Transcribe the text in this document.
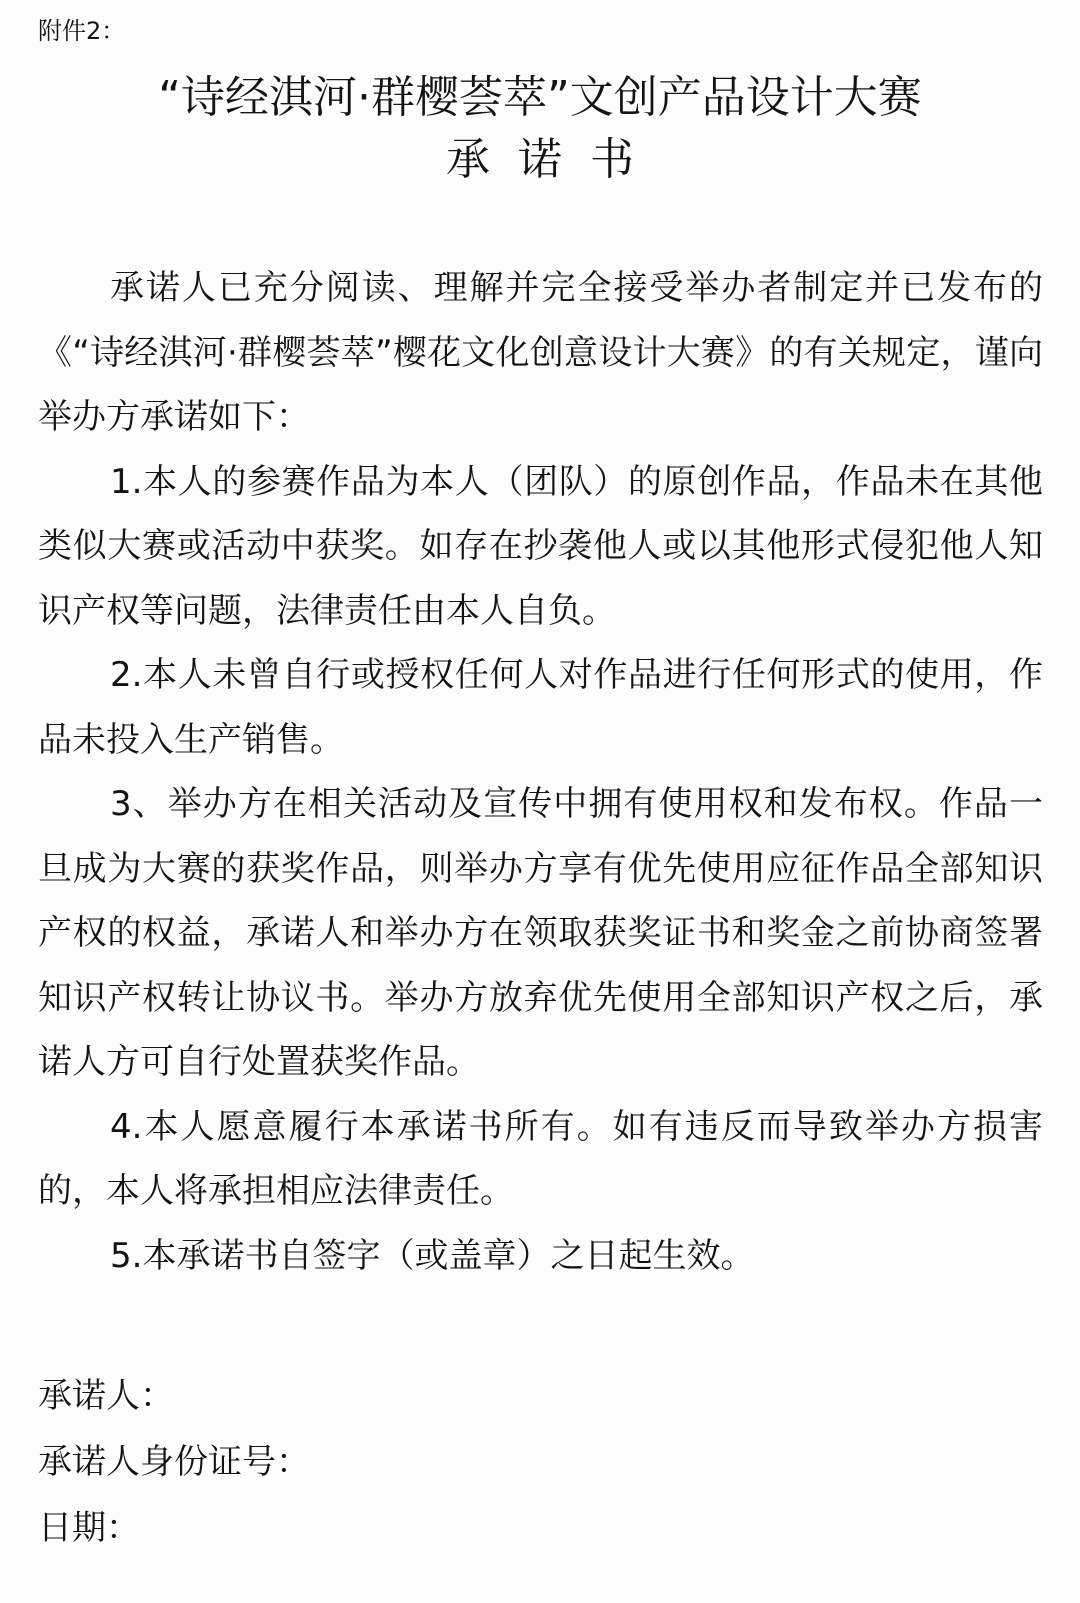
附件2：
“诗经淇河·群樱荟萃”文创产品设计大赛
承诺书

承诺人已充分阅读、理解并完全接受举办者制定并已发布的《“诗经淇河·群樱荟萃”樱花文化创意设计大赛》的有关规定，谨向举办方承诺如下：

1.本人的参赛作品为本人（团队）的原创作品，作品未在其他类似大赛或活动中获奖。如存在抄袭他人或以其他形式侵犯他人知识产权等问题，法律责任由本人自负。

2.本人未曾自行或授权任何人对作品进行任何形式的使用，作品未投入生产销售。

3、举办方在相关活动及宣传中拥有使用权和发布权。作品一旦成为大赛的获奖作品，则举办方享有优先使用应征作品全部知识产权的权益，承诺人和举办方在领取获奖证书和奖金之前协商签署知识产权转让协议书。举办方放弃优先使用全部知识产权之后，承诺人方可自行处置获奖作品。

4.本人愿意履行本承诺书所有。如有违反而导致举办方损害的，本人将承担相应法律责任。

5.本承诺书自签字（或盖章）之日起生效。

承诺人：
承诺人身份证号：
日期：
